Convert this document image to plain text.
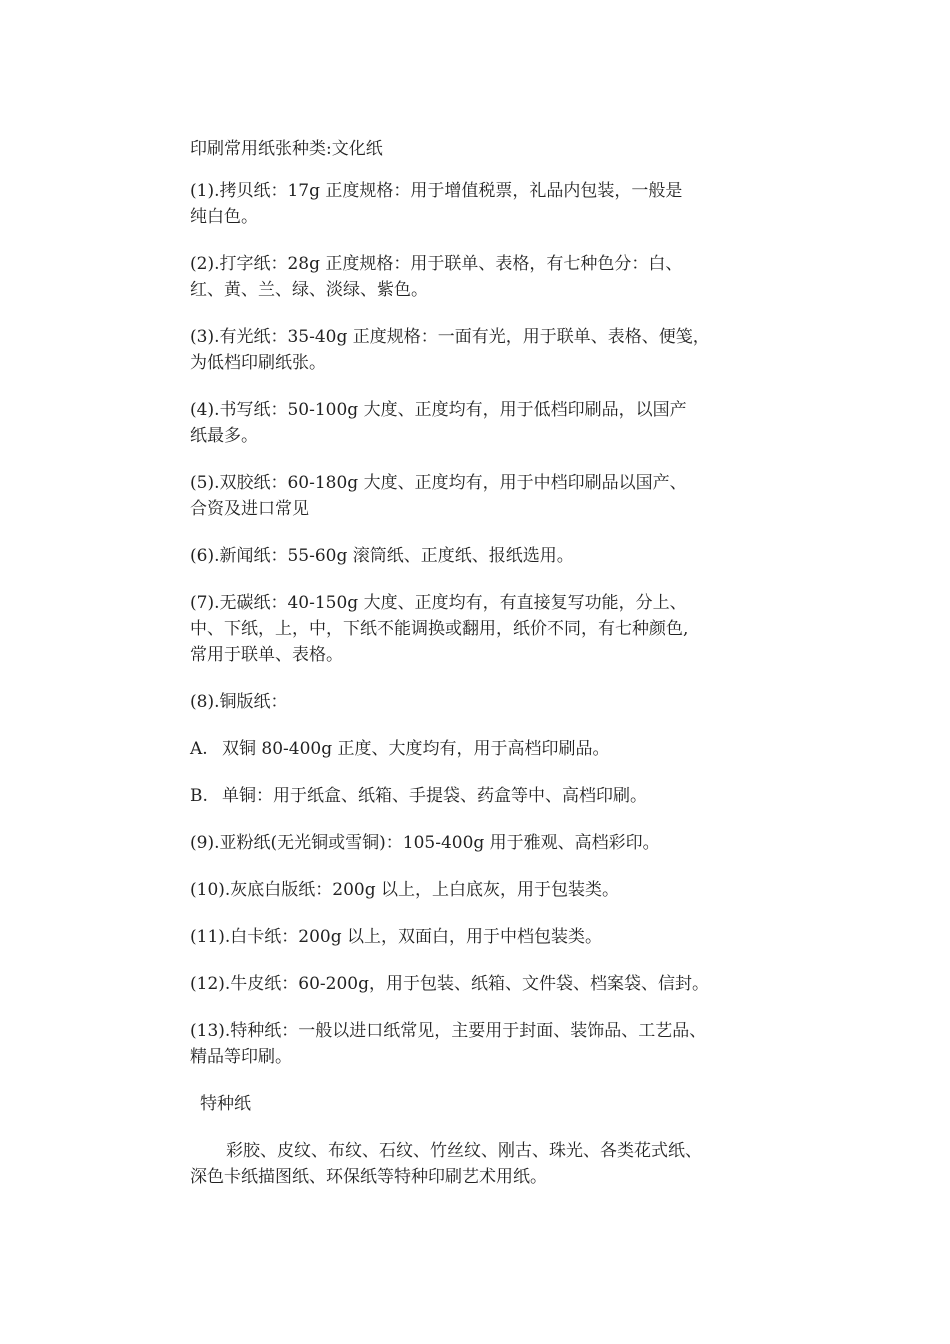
印刷常用纸张种类:文化纸
(1).拷贝纸：17g 正度规格：用于增值税票，礼品内包装，一般是
纯白色。
(2).打字纸：28g 正度规格：用于联单、表格，有七种色分：白、
红、黄、兰、绿、淡绿、紫色。
(3).有光纸：35-40g 正度规格：一面有光，用于联单、表格、便笺，
为低档印刷纸张。
(4).书写纸：50-100g 大度、正度均有，用于低档印刷品，以国产
纸最多。
(5).双胶纸：60-180g 大度、正度均有，用于中档印刷品以国产、
合资及进口常见
(6).新闻纸：55-60g 滚筒纸、正度纸、报纸选用。
(7).无碳纸：40-150g 大度、正度均有，有直接复写功能，分上、
中、下纸，上，中，下纸不能调换或翻用，纸价不同，有七种颜色,
常用于联单、表格。
(8).铜版纸：
A. 双铜 80-400g 正度、大度均有，用于高档印刷品。
B. 单铜：用于纸盒、纸箱、手提袋、药盒等中、高档印刷。
(9).亚粉纸(无光铜或雪铜)：105-400g 用于雅观、高档彩印。
(10).灰底白版纸：200g 以上，上白底灰，用于包装类。
(11).白卡纸：200g 以上，双面白，用于中档包装类。
(12).牛皮纸：60-200g，用于包装、纸箱、文件袋、档案袋、信封。
(13).特种纸：一般以进口纸常见，主要用于封面、装饰品、工艺品、
精品等印刷。
特种纸
彩胶、皮纹、布纹、石纹、竹丝纹、刚古、珠光、各类花式纸、
深色卡纸描图纸、环保纸等特种印刷艺术用纸。
